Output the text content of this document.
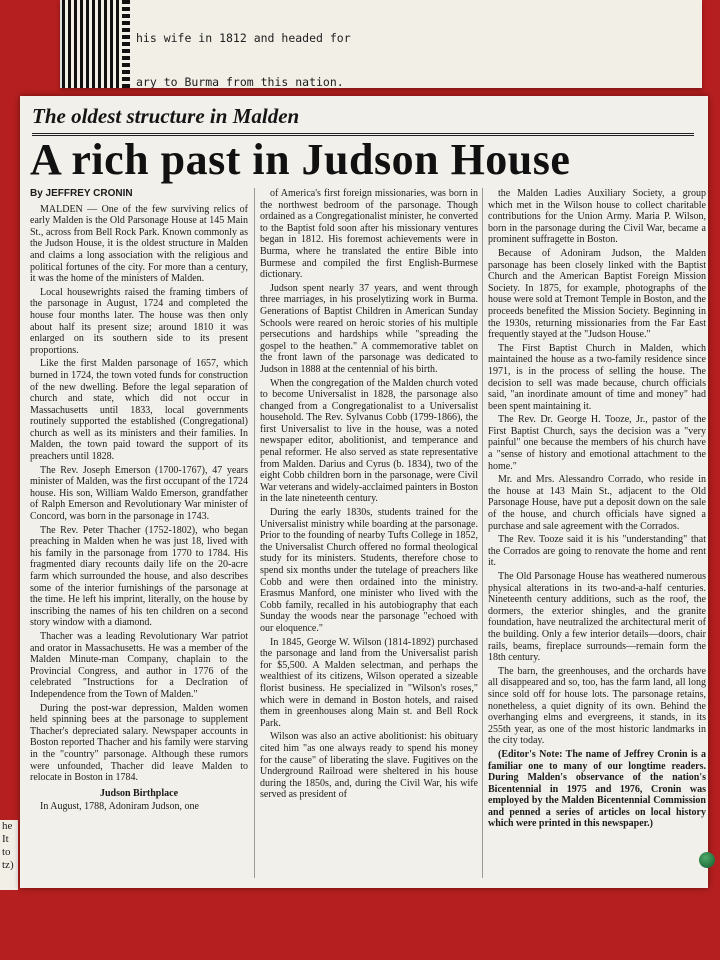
his wife in 1812 and headed for

ary to Burma from this nation.

he
It
to
tz)
The oldest structure in Malden
A rich past in Judson House
By JEFFREY CRONIN

MALDEN — One of the few surviving relics of early Malden is the Old Parsonage House at 145 Main St., across from Bell Rock Park. Known commonly as the Judson House, it is the oldest structure in Malden and claims a long association with the religious and political fortunes of the city. For more than a century, it was the home of the ministers of Malden.

Local housewrights raised the framing timbers of the parsonage in August, 1724 and completed the house four months later. The house was then only about half its present size; around 1810 it was enlarged on its southern side to its present proportions.

Like the first Malden parsonage of 1657, which burned in 1724, the town voted funds for construction of the new dwelling. Before the legal separation of church and state, which did not occur in Massachusetts until 1833, local governments routinely supported the established (Congregational) church as well as its ministers and their families. In Malden, the town paid toward the support of its preachers until 1828.

The Rev. Joseph Emerson (1700-1767), 47 years minister of Malden, was the first occupant of the 1724 house. His son, William Waldo Emerson, grandfather of Ralph Emerson and Revolutionary War minister of Concord, was born in the parsonage in 1743.

The Rev. Peter Thacher (1752-1802), who began preaching in Malden when he was just 18, lived with his family in the parsonage from 1770 to 1784. His fragmented diary recounts daily life on the 20-acre farm which surrounded the house, and also describes some of the interior furnishings of the parsonage at the time. He left his imprint, literally, on the house by inscribing the names of his ten children on a second story window with a diamond.

Thacher was a leading Revolutionary War patriot and orator in Massachusetts. He was a member of the Malden Minute-man Company, chaplain to the Provincial Congress, and author in 1776 of the celebrated "Instructions for a Declration of Independence from the Town of Malden."

During the post-war depression, Malden women held spinning bees at the parsonage to supplement Thacher's depreciated salary. Newspaper accounts in Boston reported Thacher and his family were starving in the "country" parsonage. Although these rumors were unfounded, Thacher did leave Malden to relocate in Boston in 1784.

Judson Birthplace

In August, 1788, Adoniram Judson, one

of America's first foreign missionaries, was born in the northwest bedroom of the parsonage. Though ordained as a Congregationalist minister, he converted to the Baptist fold soon after his missionary ventures began in 1812. His foremost achievements were in Burma, where he translated the entire Bible into Burmese and compiled the first English-Burmese dictionary.

Judson spent nearly 37 years, and went through three marriages, in his proselytizing work in Burma. Generations of Baptist Children in American Sunday Schools were reared on heroic stories of his multiple persecutions and hardships while "spreading the gospel to the heathen." A commemorative tablet on the front lawn of the parsonage was dedicated to Judson in 1888 at the centennial of his birth.

When the congregation of the Malden church voted to become Universalist in 1828, the parsonage also changed from a Congregationalist to a Universalist household. The Rev. Sylvanus Cobb (1799-1866), the first Universalist to live in the house, was a noted newspaper editor, abolitionist, and temperance and penal reformer. He also served as state representative from Malden. Darius and Cyrus (b. 1834), two of the eight Cobb children born in the parsonage, were Civil War veterans and widely-acclaimed painters in Boston in the late nineteenth century.

During the early 1830s, students trained for the Universalist ministry while boarding at the parsonage. Prior to the founding of nearby Tufts College in 1852, the Universalist Church offered no formal theological study for its ministers. Students, therefore chose to spend six months under the tutelage of preachers like Cobb and were then ordained into the ministry. Erasmus Manford, one minister who lived with the Cobb family, recalled in his autobiography that each Sunday the woods near the parsonage "echoed with our eloquence."

In 1845, George W. Wilson (1814-1892) purchased the parsonage and land from the Universalist parish for $5,500. A Malden selectman, and perhaps the wealthiest of its citizens, Wilson operated a sizeable florist business. He specialized in "Wilson's roses," which were in demand in Boston hotels, and raised them in greenhouses along Main st. and Bell Rock Park.

Wilson was also an active abolitionist: his obituary cited him "as one always ready to spend his money for the cause" of liberating the slave. Fugitives on the Underground Railroad were sheltered in his house during the 1850s, and, during the Civil War, his wife served as president of

the Malden Ladies Auxiliary Society, a group which met in the Wilson house to collect charitable contributions for the Union Army. Maria P. Wilson, born in the parsonage during the Civil War, became a prominent suffragette in Boston.

Because of Adoniram Judson, the Malden parsonage has been closely linked with the Baptist Church and the American Baptist Foreign Mission Society. In 1875, for example, photographs of the house were sold at Tremont Temple in Boston, and the proceeds benefited the Mission Society. Beginning in the 1930s, returning missionaries from the Far East frequently stayed at the "Judson House."

The First Baptist Church in Malden, which maintained the house as a two-family residence since 1971, is in the process of selling the house. The decision to sell was made because, church officials said, "an inordinate amount of time and money" had been spent maintaining it.

The Rev. Dr. George H. Tooze, Jr., pastor of the First Baptist Church, says the decision was a "very painful" one because the members of his church have a "sense of history and emotional attachment to the home."

Mr. and Mrs. Alessandro Corrado, who reside in the house at 143 Main St., adjacent to the Old Parsonage House, have put a deposit down on the sale of the house, and church officials have signed a purchase and sale agreement with the Corrados.

The Rev. Tooze said it is his "understanding" that the Corrados are going to renovate the home and rent it.

The Old Parsonage House has weathered numerous physical alterations in its two-and-a-half centuries. Nineteenth century additions, such as the roof, the dormers, the exterior shingles, and the granite foundation, have neutralized the architectural merit of the building. Only a few interior details—doors, chair rails, beams, fireplace surrounds—remain form the 18th century.

The barn, the greenhouses, and the orchards have all disappeared and so, too, has the farm land, all long since sold off for house lots. The parsonage retains, nonetheless, a quiet dignity of its own. Behind the overhanging elms and evergreens, it stands, in its 255th year, as one of the most historic landmarks in the city today.

(Editor's Note: The name of Jeffrey Cronin is a familiar one to many of our longtime readers. During Malden's observance of the nation's Bicentennial in 1975 and 1976, Cronin was employed by the Malden Bicentennial Commission and penned a series of articles on local history which were printed in this newspaper.)
